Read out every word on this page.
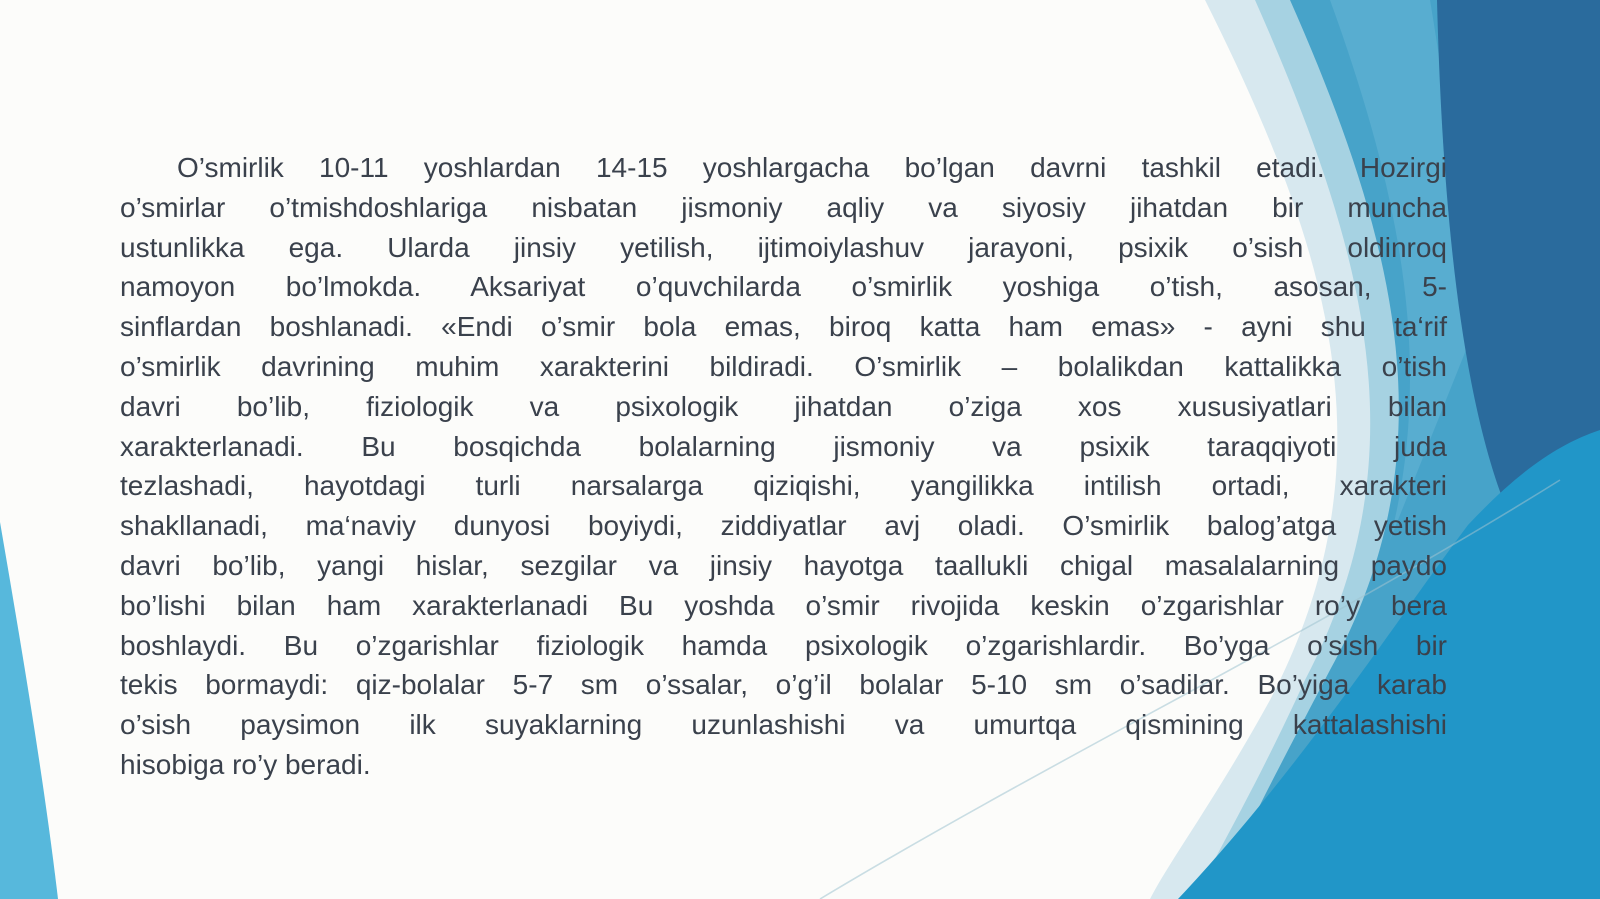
O’smirlik 10-11 yoshlardan 14-15 yoshlargacha bo’lgan davrni tashkil etadi. Hozirgi
o’smirlar o’tmishdoshlariga nisbatan jismoniy aqliy va siyosiy jihatdan bir muncha
ustunlikka ega. Ularda jinsiy yetilish, ijtimoiylashuv jarayoni, psixik o’sish oldinroq
namoyon bo’lmokda. Aksariyat o’quvchilarda o’smirlik yoshiga o’tish, asosan, 5-
sinflardan boshlanadi. «Endi o’smir bola emas, biroq katta ham emas» - ayni shu ta‘rif
o’smirlik davrining muhim xarakterini bildiradi. O’smirlik – bolalikdan kattalikka o’tish
davri bo’lib, fiziologik va psixologik jihatdan o’ziga xos xususiyatlari bilan
xarakterlanadi. Bu bosqichda bolalarning jismoniy va psixik taraqqiyoti juda
tezlashadi, hayotdagi turli narsalarga qiziqishi, yangilikka intilish ortadi, xarakteri
shakllanadi, ma‘naviy dunyosi boyiydi, ziddiyatlar avj oladi. O’smirlik balog’atga yetish
davri bo’lib, yangi hislar, sezgilar va jinsiy hayotga taallukli chigal masalalarning paydo
bo’lishi bilan ham xarakterlanadi Bu yoshda o’smir rivojida keskin o’zgarishlar ro’y bera
boshlaydi. Bu o’zgarishlar fiziologik hamda psixologik o’zgarishlardir. Bo’yga o’sish bir
tekis bormaydi: qiz-bolalar 5-7 sm o’ssalar, o’g’il bolalar 5-10 sm o’sadilar. Bo’yiga karab
o’sish paysimon ilk suyaklarning uzunlashishi va umurtqa qismining kattalashishi
hisobiga ro’y beradi.
